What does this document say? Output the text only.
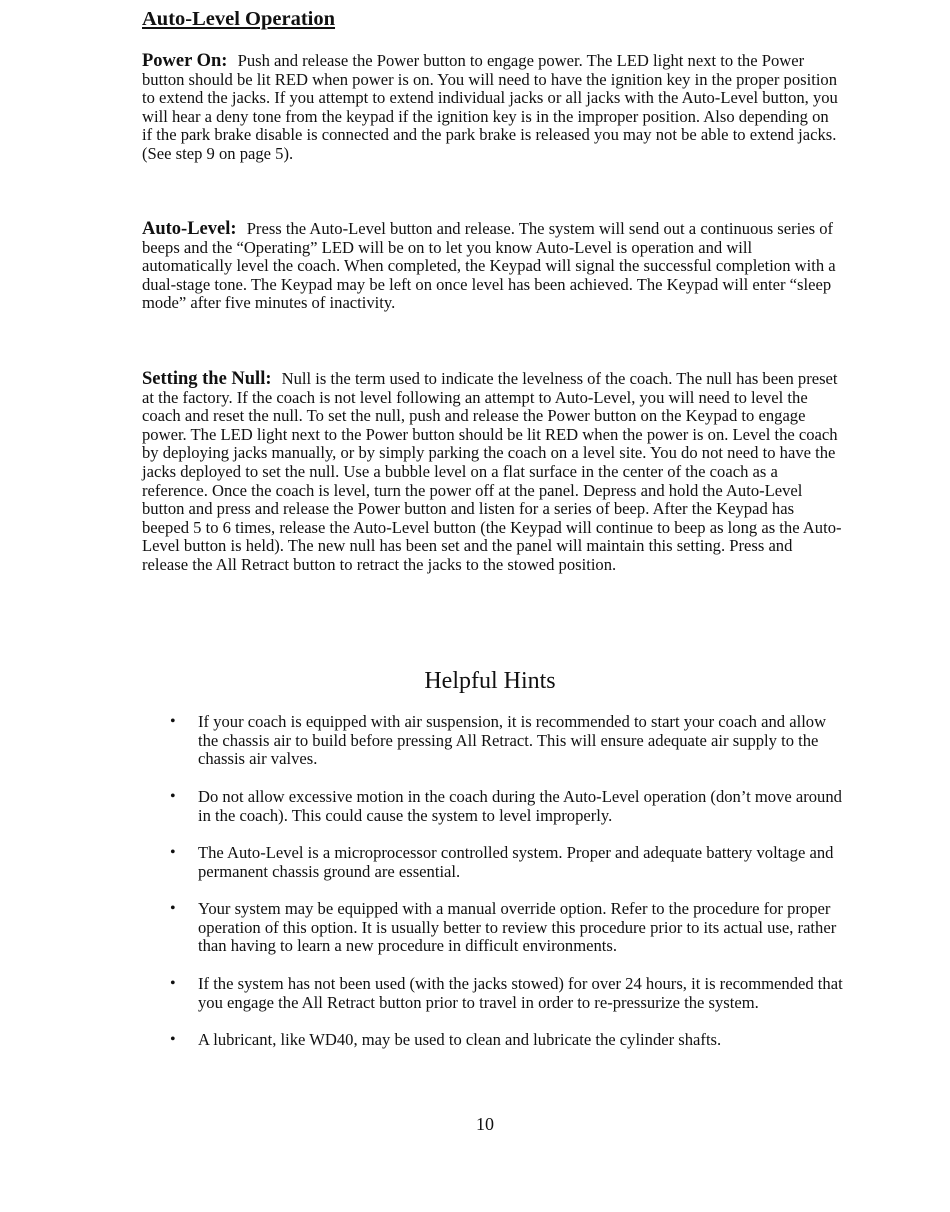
Auto-Level Operation

Power On: Push and release the Power button to engage power. The LED light next to the Power button should be lit RED when power is on. You will need to have the ignition key in the proper position to extend the jacks. If you attempt to extend individual jacks or all jacks with the Auto-Level button, you will hear a deny tone from the keypad if the ignition key is in the improper position. Also depending on if the park brake disable is connected and the park brake is released you may not be able to extend jacks. (See step 9 on page 5).

Auto-Level: Press the Auto-Level button and release. The system will send out a continuous series of beeps and the “Operating” LED will be on to let you know Auto-Level is operation and will automatically level the coach. When completed, the Keypad will signal the successful completion with a dual-stage tone. The Keypad may be left on once level has been achieved. The Keypad will enter “sleep mode” after five minutes of inactivity.

Setting the Null: Null is the term used to indicate the levelness of the coach. The null has been preset at the factory. If the coach is not level following an attempt to Auto-Level, you will need to level the coach and reset the null. To set the null, push and release the Power button on the Keypad to engage power. The LED light next to the Power button should be lit RED when the power is on. Level the coach by deploying jacks manually, or by simply parking the coach on a level site. You do not need to have the jacks deployed to set the null. Use a bubble level on a flat surface in the center of the coach as a reference. Once the coach is level, turn the power off at the panel. Depress and hold the Auto-Level button and press and release the Power button and listen for a series of beep. After the Keypad has beeped 5 to 6 times, release the Auto-Level button (the Keypad will continue to beep as long as the Auto-Level button is held). The new null has been set and the panel will maintain this setting. Press and release the All Retract button to retract the jacks to the stowed position.

Helpful Hints
• If your coach is equipped with air suspension, it is recommended to start your coach and allow the chassis air to build before pressing All Retract. This will ensure adequate air supply to the chassis air valves.
• Do not allow excessive motion in the coach during the Auto-Level operation (don’t move around in the coach). This could cause the system to level improperly.
• The Auto-Level is a microprocessor controlled system. Proper and adequate battery voltage and permanent chassis ground are essential.
• Your system may be equipped with a manual override option. Refer to the procedure for proper operation of this option. It is usually better to review this procedure prior to its actual use, rather than having to learn a new procedure in difficult environments.
• If the system has not been used (with the jacks stowed) for over 24 hours, it is recommended that you engage the All Retract button prior to travel in order to re-pressurize the system.
• A lubricant, like WD40, may be used to clean and lubricate the cylinder shafts.
10
